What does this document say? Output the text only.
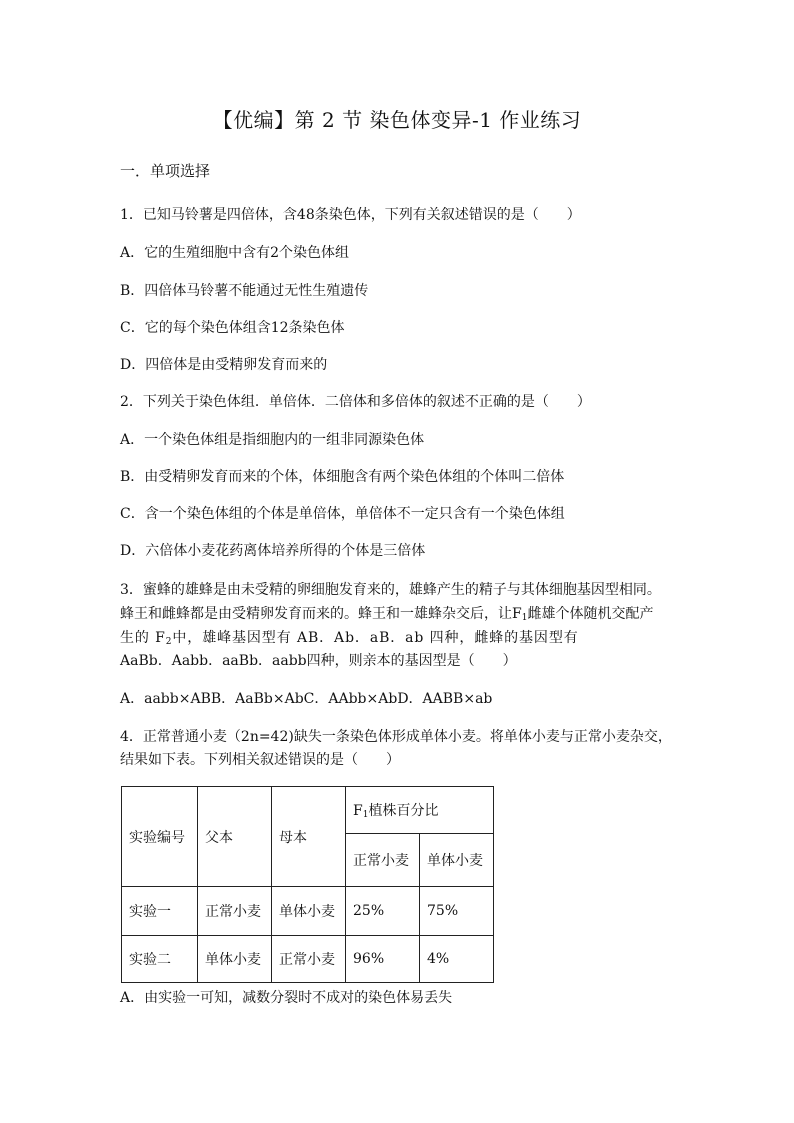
【优编】第 2 节 染色体变异-1 作业练习
一．单项选择
1．已知马铃薯是四倍体，含48条染色体，下列有关叙述错误的是（　　）
A．它的生殖细胞中含有2个染色体组
B．四倍体马铃薯不能通过无性生殖遗传
C．它的每个染色体组含12条染色体
D．四倍体是由受精卵发育而来的
2．下列关于染色体组．单倍体．二倍体和多倍体的叙述不正确的是（　　）
A．一个染色体组是指细胞内的一组非同源染色体
B．由受精卵发育而来的个体，体细胞含有两个染色体组的个体叫二倍体
C．含一个染色体组的个体是单倍体，单倍体不一定只含有一个染色体组
D．六倍体小麦花药离体培养所得的个体是三倍体
3．蜜蜂的雄蜂是由未受精的卵细胞发育来的，雄蜂产生的精子与其体细胞基因型相同。
蜂王和雌蜂都是由受精卵发育而来的。蜂王和一雄蜂杂交后，让$F_1$雌雄个体随机交配产
生的 $F_2$中，雄峰基因型有 AB．Ab．aB．ab 四种，雌蜂的基因型有
AaBb．Aabb．aaBb．aabb四种，则亲本的基因型是（　　）
A．aabb×ABB．AaBb×AbC．AAbb×AbD．AABB×ab
4．正常普通小麦（2n=42)缺失一条染色体形成单体小麦。将单体小麦与正常小麦杂交，结果如下表。下列相关叙述错误的是（　　）
实验编号	父本	母本	$F_1$植株百分比	
			正常小麦	单体小麦
实验一	正常小麦	单体小麦	25%	75%
实验二	单体小麦	正常小麦	96%	4%
A．由实验一可知，减数分裂时不成对的染色体易丢失
